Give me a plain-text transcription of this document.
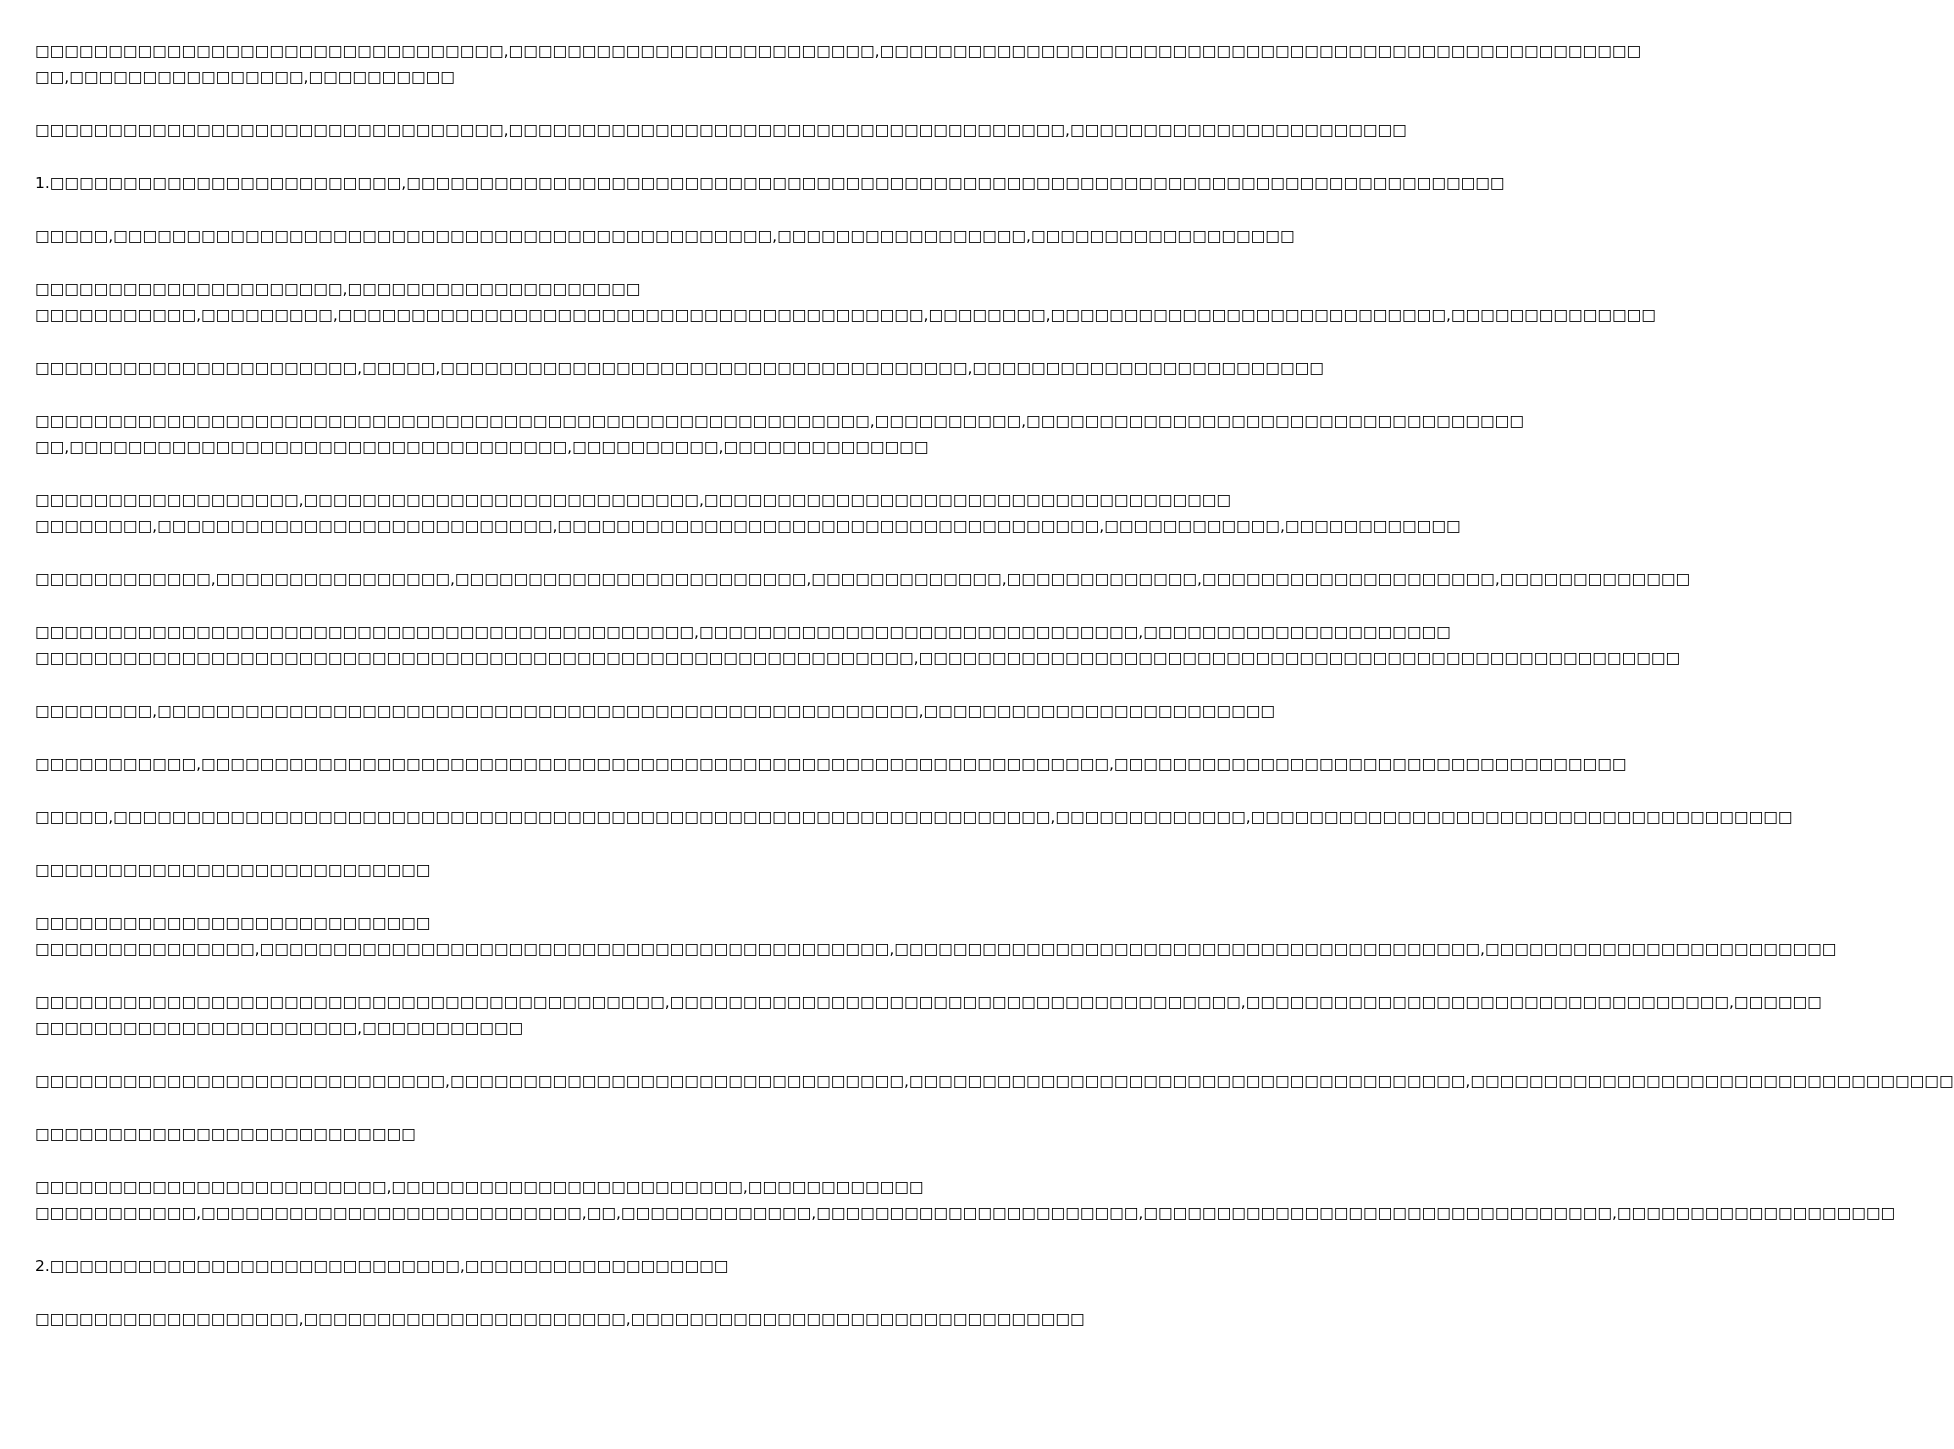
□□□□□□□□□□□□□□□□□□□□□□□□□□□□□□□□,□□□□□□□□□□□□□□□□□□□□□□□□□,□□□□□□□□□□□□□□□□□□□□□□□□□□□□□□□□□□□□□□□□□□□□□□□□□□□□
□□,□□□□□□□□□□□□□□□□,□□□□□□□□□□

□□□□□□□□□□□□□□□□□□□□□□□□□□□□□□□□,□□□□□□□□□□□□□□□□□□□□□□□□□□□□□□□□□□□□□□,□□□□□□□□□□□□□□□□□□□□□□□

1.□□□□□□□□□□□□□□□□□□□□□□□□,□□□□□□□□□□□□□□□□□□□□□□□□□□□□□□□□□□□□□□□□□□□□□□□□□□□□□□□□□□□□□□□□□□□□□□□□□□□

□□□□□,□□□□□□□□□□□□□□□□□□□□□□□□□□□□□□□□□□□□□□□□□□□□□,□□□□□□□□□□□□□□□□□,□□□□□□□□□□□□□□□□□□

□□□□□□□□□□□□□□□□□□□□□,□□□□□□□□□□□□□□□□□□□□
□□□□□□□□□□□,□□□□□□□□□,□□□□□□□□□□□□□□□□□□□□□□□□□□□□□□□□□□□□□□□□,□□□□□□□□,□□□□□□□□□□□□□□□□□□□□□□□□□□□,□□□□□□□□□□□□□□

□□□□□□□□□□□□□□□□□□□□□□,□□□□□,□□□□□□□□□□□□□□□□□□□□□□□□□□□□□□□□□□□□,□□□□□□□□□□□□□□□□□□□□□□□□

□□□□□□□□□□□□□□□□□□□□□□□□□□□□□□□□□□□□□□□□□□□□□□□□□□□□□□□□□,□□□□□□□□□□,□□□□□□□□□□□□□□□□□□□□□□□□□□□□□□□□□□
□□,□□□□□□□□□□□□□□□□□□□□□□□□□□□□□□□□□□,□□□□□□□□□□,□□□□□□□□□□□□□□

□□□□□□□□□□□□□□□□□□,□□□□□□□□□□□□□□□□□□□□□□□□□□□,□□□□□□□□□□□□□□□□□□□□□□□□□□□□□□□□□□□□
□□□□□□□□,□□□□□□□□□□□□□□□□□□□□□□□□□□□,□□□□□□□□□□□□□□□□□□□□□□□□□□□□□□□□□□□□□,□□□□□□□□□□□□,□□□□□□□□□□□□

□□□□□□□□□□□□,□□□□□□□□□□□□□□□□,□□□□□□□□□□□□□□□□□□□□□□□□,□□□□□□□□□□□□□,□□□□□□□□□□□□□,□□□□□□□□□□□□□□□□□□□□,□□□□□□□□□□□□□

□□□□□□□□□□□□□□□□□□□□□□□□□□□□□□□□□□□□□□□□□□□□□,□□□□□□□□□□□□□□□□□□□□□□□□□□□□□□,□□□□□□□□□□□□□□□□□□□□□
□□□□□□□□□□□□□□□□□□□□□□□□□□□□□□□□□□□□□□□□□□□□□□□□□□□□□□□□□□□□,□□□□□□□□□□□□□□□□□□□□□□□□□□□□□□□□□□□□□□□□□□□□□□□□□□□□

□□□□□□□□,□□□□□□□□□□□□□□□□□□□□□□□□□□□□□□□□□□□□□□□□□□□□□□□□□□□□,□□□□□□□□□□□□□□□□□□□□□□□□

□□□□□□□□□□□,□□□□□□□□□□□□□□□□□□□□□□□□□□□□□□□□□□□□□□□□□□□□□□□□□□□□□□□□□□□□□□,□□□□□□□□□□□□□□□□□□□□□□□□□□□□□□□□□□□

□□□□□,□□□□□□□□□□□□□□□□□□□□□□□□□□□□□□□□□□□□□□□□□□□□□□□□□□□□□□□□□□□□□□□□,□□□□□□□□□□□□□,□□□□□□□□□□□□□□□□□□□□□□□□□□□□□□□□□□□□□

□□□□□□□□□□□□□□□□□□□□□□□□□□□

□□□□□□□□□□□□□□□□□□□□□□□□□□□
□□□□□□□□□□□□□□□,□□□□□□□□□□□□□□□□□□□□□□□□□□□□□□□□□□□□□□□□□□□,□□□□□□□□□□□□□□□□□□□□□□□□□□□□□□□□□□□□□□□□,□□□□□□□□□□□□□□□□□□□□□□□□

□□□□□□□□□□□□□□□□□□□□□□□□□□□□□□□□□□□□□□□□□□□,□□□□□□□□□□□□□□□□□□□□□□□□□□□□□□□□□□□□□□□,□□□□□□□□□□□□□□□□□□□□□□□□□□□□□□□□□,□□□□□□
□□□□□□□□□□□□□□□□□□□□□□,□□□□□□□□□□□

□□□□□□□□□□□□□□□□□□□□□□□□□□□□,□□□□□□□□□□□□□□□□□□□□□□□□□□□□□□□,□□□□□□□□□□□□□□□□□□□□□□□□□□□□□□□□□□□□□□,□□□□□□□□□□□□□□□□□□□□□□□□□□□□□□□□□

□□□□□□□□□□□□□□□□□□□□□□□□□□

□□□□□□□□□□□□□□□□□□□□□□□□,□□□□□□□□□□□□□□□□□□□□□□□□,□□□□□□□□□□□□
□□□□□□□□□□□,□□□□□□□□□□□□□□□□□□□□□□□□□□,□□,□□□□□□□□□□□□□,□□□□□□□□□□□□□□□□□□□□□□,□□□□□□□□□□□□□□□□□□□□□□□□□□□□□□□□,□□□□□□□□□□□□□□□□□□□

2.□□□□□□□□□□□□□□□□□□□□□□□□□□□□,□□□□□□□□□□□□□□□□□□

□□□□□□□□□□□□□□□□□□,□□□□□□□□□□□□□□□□□□□□□□,□□□□□□□□□□□□□□□□□□□□□□□□□□□□□□□
